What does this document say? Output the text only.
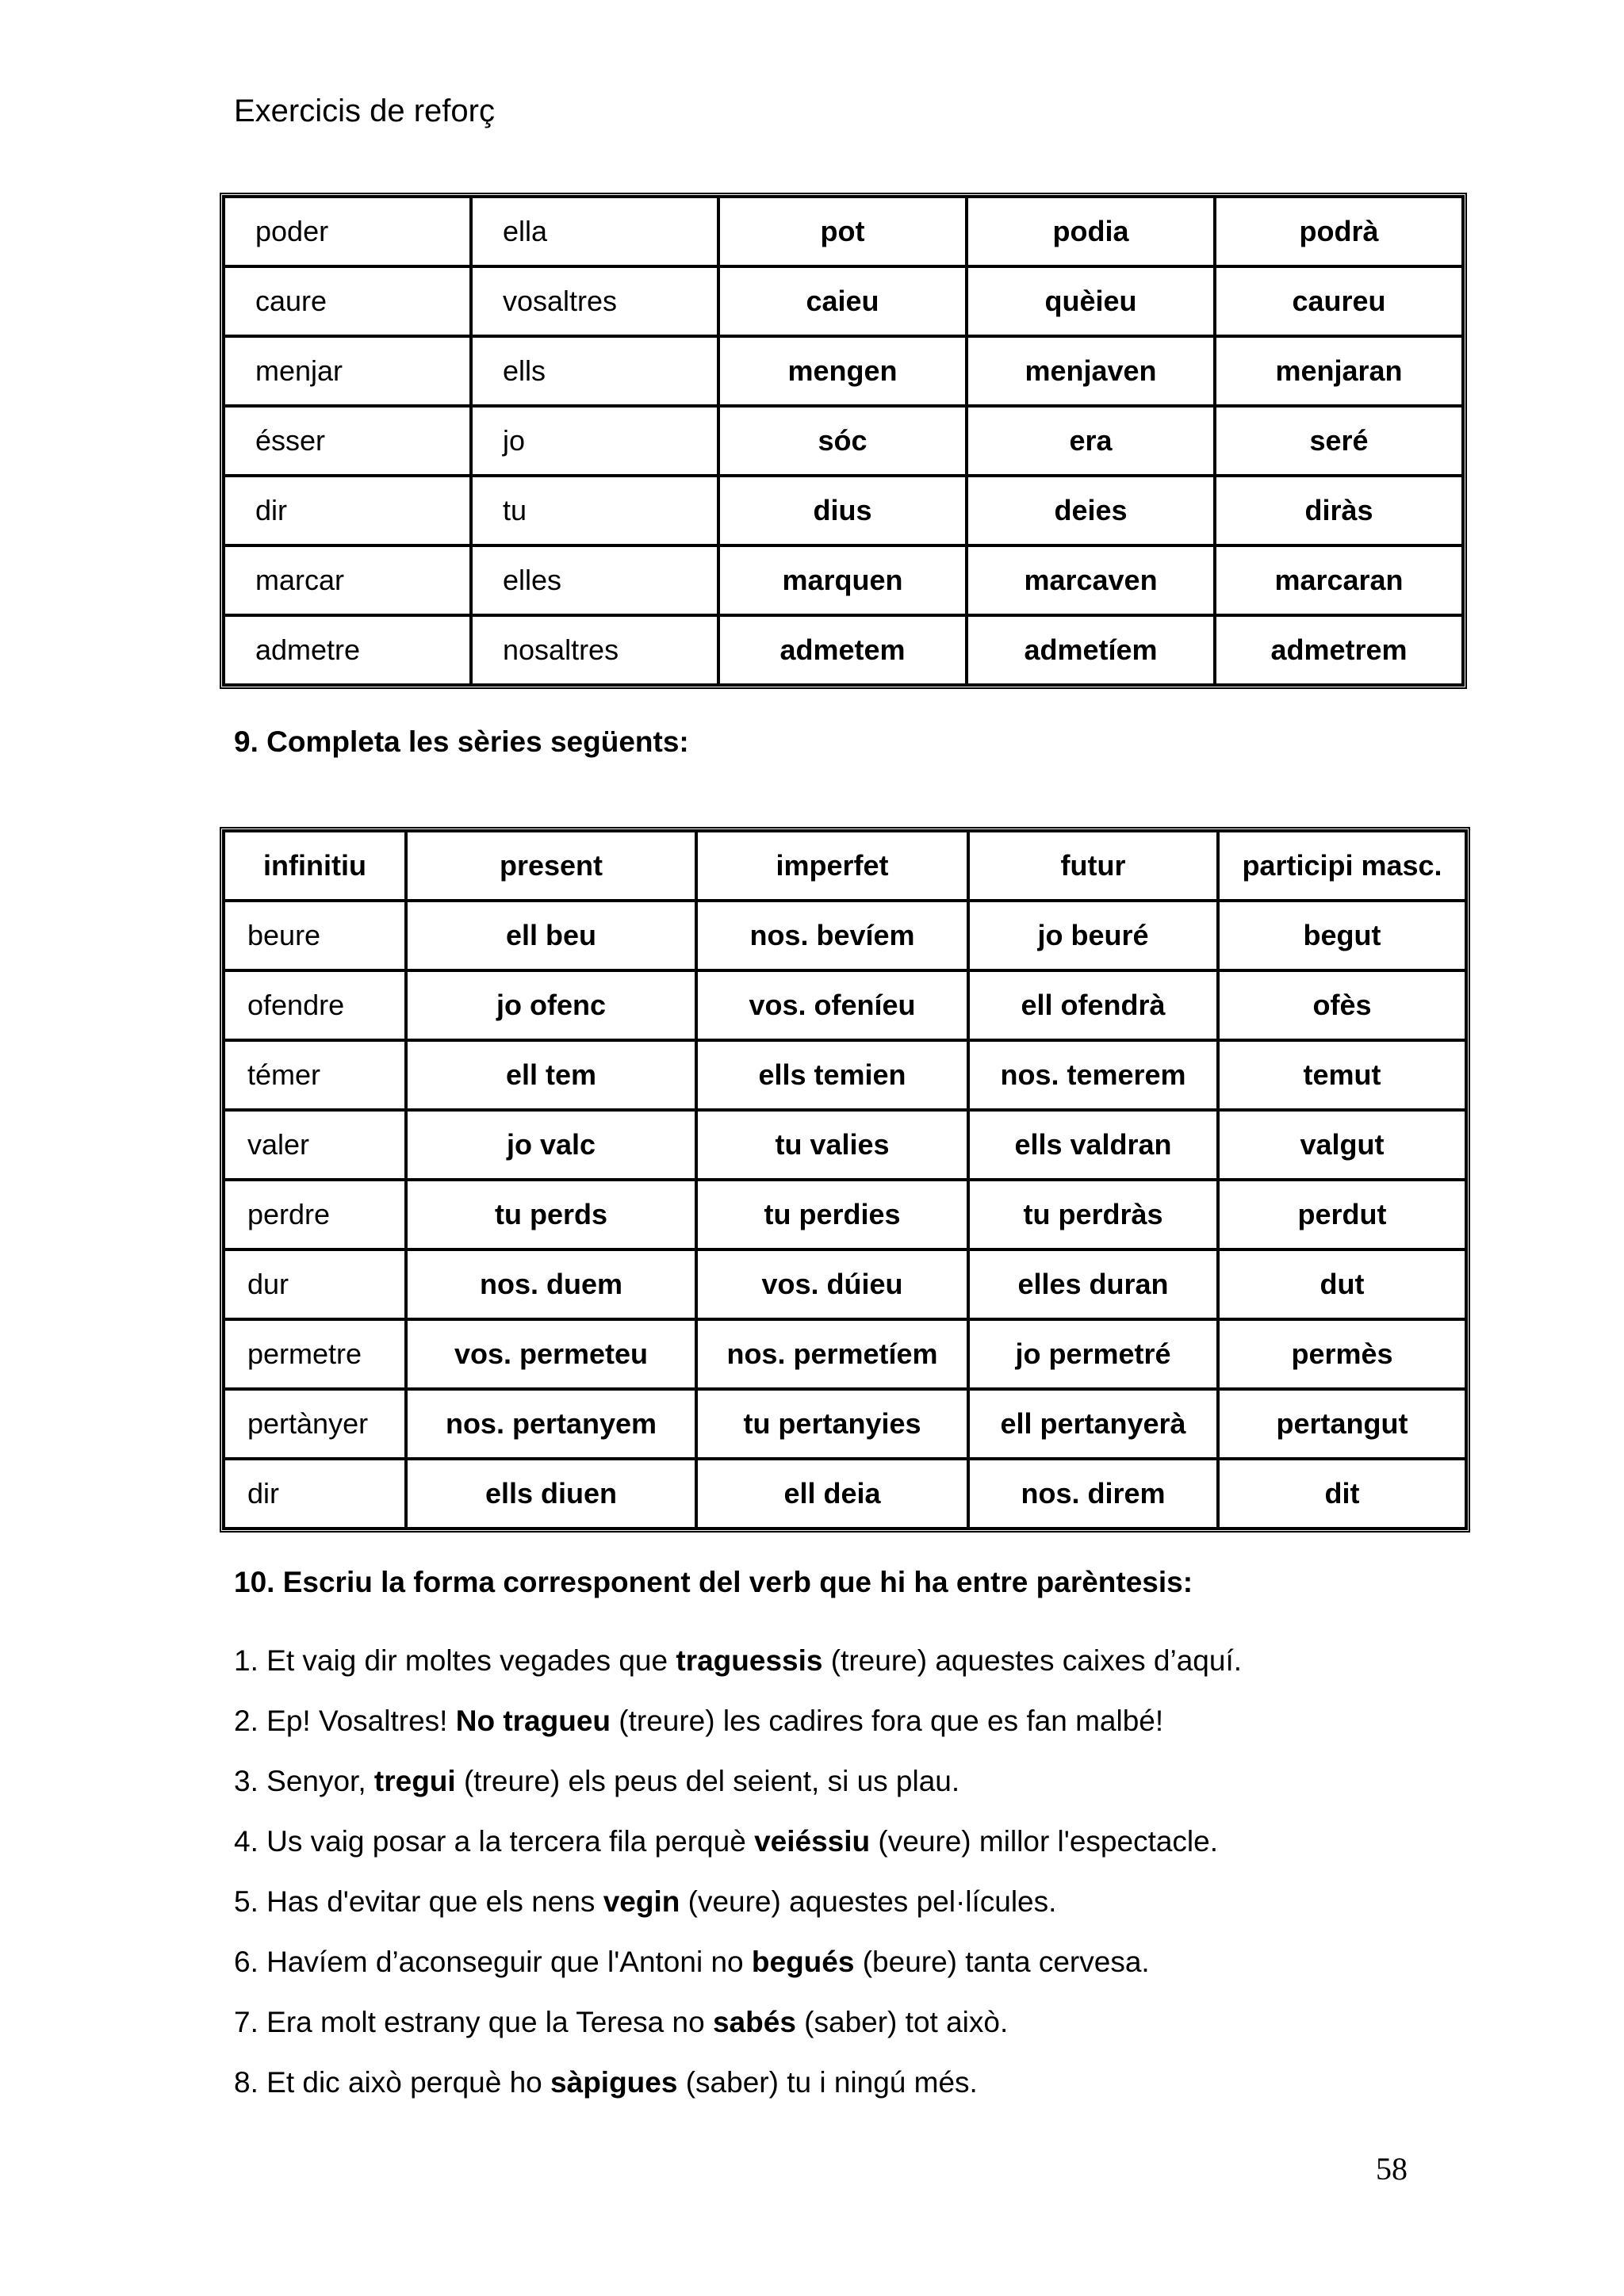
Exercicis de reforç
poder	ella	pot	podia	podrà
caure	vosaltres	caieu	quèieu	caureu
menjar	ells	mengen	menjaven	menjaran
ésser	jo	sóc	era	seré
dir	tu	dius	deies	diràs
marcar	elles	marquen	marcaven	marcaran
admetre	nosaltres	admetem	admetíem	admetrem
9. Completa les sèries següents:
infinitiu	present	imperfet	futur	participi masc.
beure	ell beu	nos. bevíem	jo beuré	begut
ofendre	jo ofenc	vos. ofeníeu	ell ofendrà	ofès
témer	ell tem	ells temien	nos. temerem	temut
valer	jo valc	tu valies	ells valdran	valgut
perdre	tu perds	tu perdies	tu perdràs	perdut
dur	nos. duem	vos. dúieu	elles duran	dut
permetre	vos. permeteu	nos. permetíem	jo permetré	permès
pertànyer	nos. pertanyem	tu pertanyies	ell pertanyerà	pertangut
dir	ells diuen	ell deia	nos. direm	dit
10. Escriu la forma corresponent del verb que hi ha entre parèntesis:
1. Et vaig dir moltes vegades que traguessis (treure) aquestes caixes d’aquí.
2. Ep! Vosaltres! No tragueu (treure) les cadires fora que es fan malbé!
3. Senyor, tregui (treure) els peus del seient, si us plau.
4. Us vaig posar a la tercera fila perquè veiéssiu (veure) millor l'espectacle.
5. Has d'evitar que els nens vegin (veure) aquestes pel·lícules.
6. Havíem d’aconseguir que l'Antoni no begués (beure) tanta cervesa.
7. Era molt estrany que la Teresa no sabés (saber) tot això.
8. Et dic això perquè ho sàpigues (saber) tu i ningú més.
58
